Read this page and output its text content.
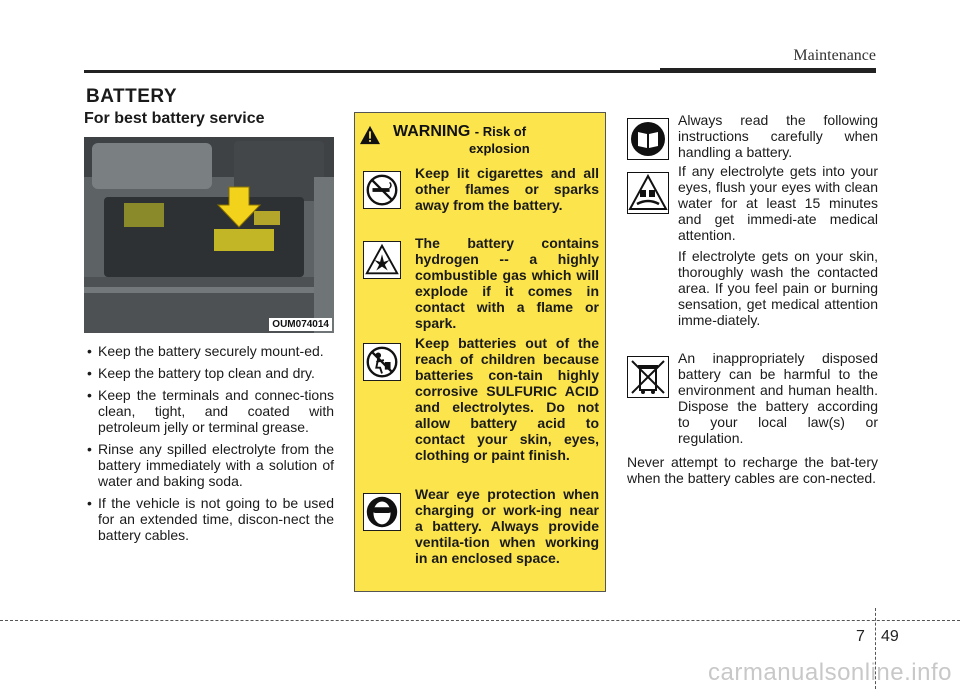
Maintenance
BATTERY
For best battery service
OUM074014
• Keep the battery securely mount-ed.
• Keep the battery top clean and dry.
• Keep the terminals and connec-tions clean, tight, and coated with petroleum jelly or terminal grease.
• Rinse any spilled electrolyte from the battery immediately with a solution of water and baking soda.
• If the vehicle is not going to be used for an extended time, discon-nect the battery cables.
WARNING - Risk of
explosion
Keep lit cigarettes and all other flames or sparks away from the battery.
The battery contains hydrogen -- a highly combustible gas which will explode if it comes in contact with a flame or spark.
Keep batteries out of the reach of children because batteries con-tain highly corrosive SULFURIC ACID and electrolytes. Do not allow battery acid to contact your skin, eyes, clothing or paint finish.
Wear eye protection when charging or work-ing near a battery. Always provide ventila-tion when working in an enclosed space.
Always read the following instructions carefully when handling a battery.
If any electrolyte gets into your eyes, flush your eyes with clean water for at least 15 minutes and get immedi-ate medical attention.
If electrolyte gets on your skin, thoroughly wash the contacted area. If you feel pain or burning sensation, get medical attention imme-diately.
An inappropriately disposed battery can be harmful to the environment and human health. Dispose the battery according to your local law(s) or regulation.
Never attempt to recharge the bat-tery when the battery cables are con-nected.
7 49
carmanualsonline.info
